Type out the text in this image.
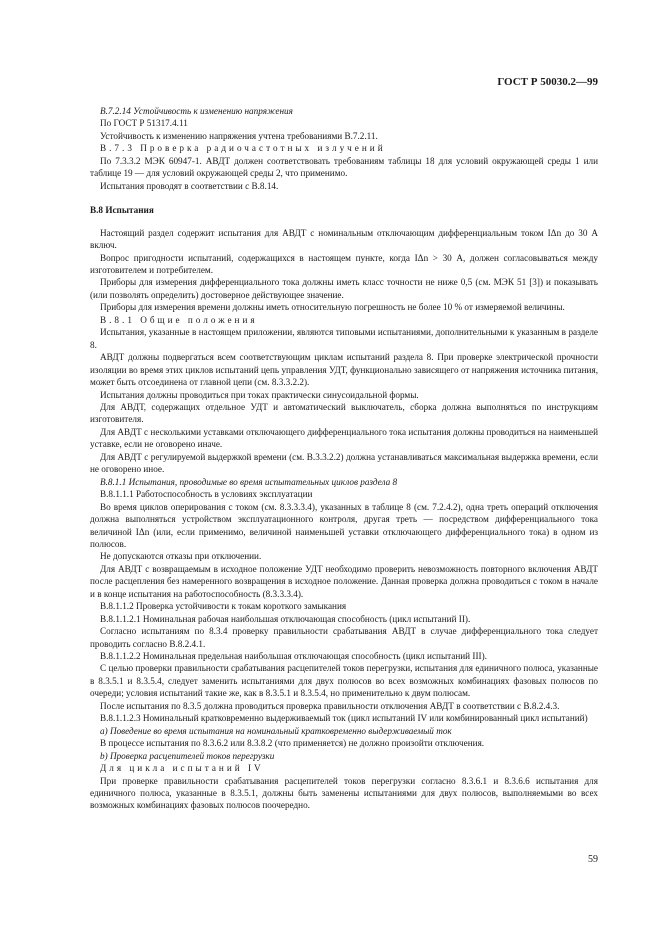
ГОСТ Р 50030.2—99

В.7.2.14 Устойчивость к изменению напряжения

По ГОСТ Р 51317.4.11

Устойчивость к изменению напряжения учтена требованиями В.7.2.11.

В.7.3 Проверка радиочастотных излучений

По 7.3.3.2 МЭК 60947-1. АВДТ должен соответствовать требованиям таблицы 18 для условий окружающей среды 1 или таблице 19 — для условий окружающей среды 2, что применимо.

Испытания проводят в соответствии с В.8.14.

В.8 Испытания

Настоящий раздел содержит испытания для АВДТ с номинальным отключающим дифференциальным током IΔn до 30 А включ.

Вопрос пригодности испытаний, содержащихся в настоящем пункте, когда IΔn > 30 А, должен согласовываться между изготовителем и потребителем.

Приборы для измерения дифференциального тока должны иметь класс точности не ниже 0,5 (см. МЭК 51 [3]) и показывать (или позволять определить) достоверное действующее значение.

Приборы для измерения времени должны иметь относительную погрешность не более 10 % от измеряемой величины.

В.8.1 Общие положения

Испытания, указанные в настоящем приложении, являются типовыми испытаниями, дополнительными к указанным в разделе 8.

АВДТ должны подвергаться всем соответствующим циклам испытаний раздела 8. При проверке электрической прочности изоляции во время этих циклов испытаний цепь управления УДТ, функционально зависящего от напряжения источника питания, может быть отсоединена от главной цепи (см. 8.3.3.2.2).

Испытания должны проводиться при токах практически синусоидальной формы.

Для АВДТ, содержащих отдельное УДТ и автоматический выключатель, сборка должна выполняться по инструкциям изготовителя.

Для АВДТ с несколькими уставками отключающего дифференциального тока испытания должны проводиться на наименьшей уставке, если не оговорено иначе.

Для АВДТ с регулируемой выдержкой времени (см. В.3.3.2.2) должна устанавливаться максимальная выдержка времени, если не оговорено иное.

В.8.1.1 Испытания, проводимые во время испытательных циклов раздела 8

В.8.1.1.1 Работоспособность в условиях эксплуатации

Во время циклов оперирования с током (см. 8.3.3.3.4), указанных в таблице 8 (см. 7.2.4.2), одна треть операций отключения должна выполняться устройством эксплуатационного контроля, другая треть — посредством дифференциального тока величиной IΔn (или, если применимо, величиной наименьшей уставки отключающего дифференциального тока) в одном из полюсов.

Не допускаются отказы при отключении.

Для АВДТ с возвращаемым в исходное положение УДТ необходимо проверить невозможность повторного включения АВДТ после расцепления без намеренного возвращения в исходное положение. Данная проверка должна проводиться с током в начале и в конце испытания на работоспособность (8.3.3.3.4).

В.8.1.1.2 Проверка устойчивости к токам короткого замыкания

В.8.1.1.2.1 Номинальная рабочая наибольшая отключающая способность (цикл испытаний II).

Согласно испытаниям по 8.3.4 проверку правильности срабатывания АВДТ в случае дифференциального тока следует проводить согласно В.8.2.4.1.

В.8.1.1.2.2 Номинальная предельная наибольшая отключающая способность (цикл испытаний III).

С целью проверки правильности срабатывания расцепителей токов перегрузки, испытания для единичного полюса, указанные в 8.3.5.1 и 8.3.5.4, следует заменить испытаниями для двух полюсов во всех возможных комбинациях фазовых полюсов по очереди; условия испытаний такие же, как в 8.3.5.1 и 8.3.5.4, но применительно к двум полюсам.

После испытания по 8.3.5 должна проводиться проверка правильности отключения АВДТ в соответствии с В.8.2.4.3.

В.8.1.1.2.3 Номинальный кратковременно выдерживаемый ток (цикл испытаний IV или комбинированный цикл испытаний)

a) Поведение во время испытания на номинальный кратковременно выдерживаемый ток

В процессе испытания по 8.3.6.2 или 8.3.8.2 (что применяется) не должно произойти отключения.

b) Проверка расцепителей токов перегрузки

Для цикла испытаний IV

При проверке правильности срабатывания расцепителей токов перегрузки согласно 8.3.6.1 и 8.3.6.6 испытания для единичного полюса, указанные в 8.3.5.1, должны быть заменены испытаниями для двух полюсов, выполняемыми во всех возможных комбинациях фазовых полюсов поочередно.

59
